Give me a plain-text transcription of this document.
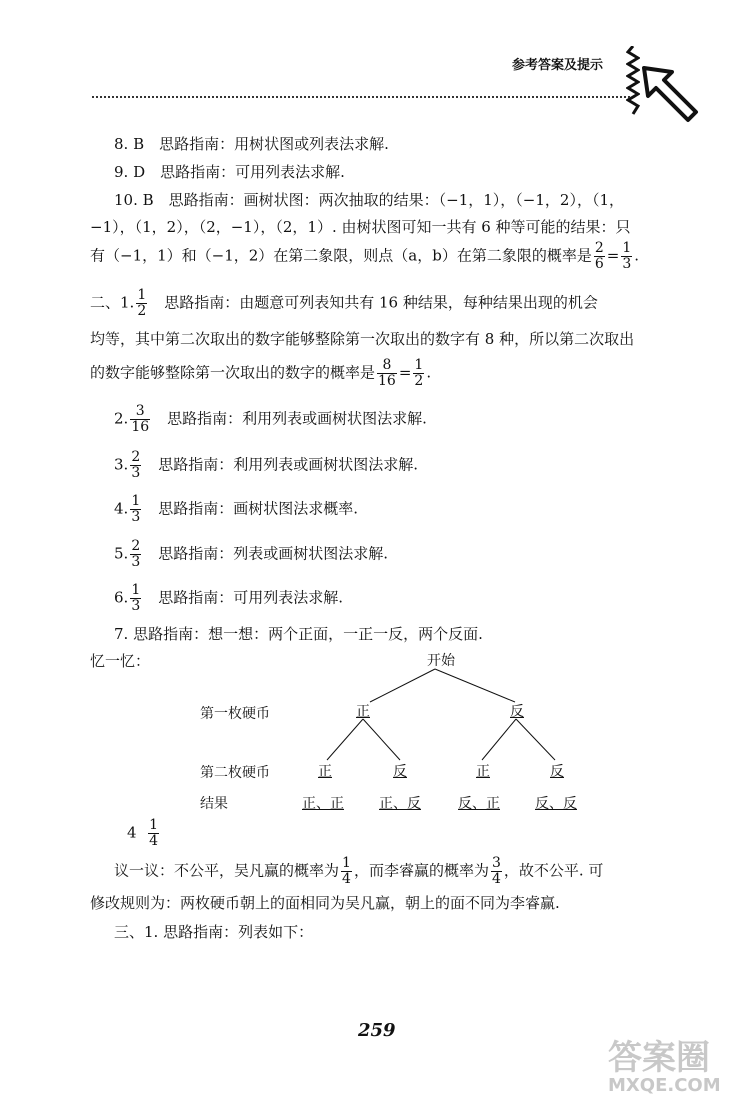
参考答案及提示
8. B　思路指南：用树状图或列表法求解.
9. D　思路指南：可用列表法求解.
10. B　思路指南：画树状图：两次抽取的结果：（−1，1），（−1，2），（1，
−1），（1，2），（2，−1），（2，1）. 由树状图可知一共有 6 种等可能的结果：只
有（−1，1）和（−1，2）在第二象限，则点（a，b）在第二象限的概率是 $\frac{2}{6} = \frac{1}{3}$ .
二、1. $\frac{1}{2}$ 　思路指南：由题意可列表知共有 16 种结果，每种结果出现的机会
均等，其中第二次取出的数字能够整除第一次取出的数字有 8 种，所以第二次取出
的数字能够整除第一次取出的数字的概率是 $\frac{8}{16} = \frac{1}{2}$ .
2. $\frac{3}{16}$ 　思路指南：利用列表或画树状图法求解.
3. $\frac{2}{3}$ 　思路指南：利用列表或画树状图法求解.
4. $\frac{1}{3}$ 　思路指南：画树状图法求概率.
5. $\frac{2}{3}$ 　思路指南：列表或画树状图法求解.
6. $\frac{1}{3}$ 　思路指南：可用列表法求解.
7. 思路指南：想一想：两个正面，一正一反，两个反面.
忆一忆：	开始
第一枚硬币	正	反
第二枚硬币	正	反	正	反
结果	正、正	正、反	反、正	反、反
$4 \frac{1}{4}$
议一议：不公平，吴凡赢的概率为 $\frac{1}{4}$ ，而李睿赢的概率为 $\frac{3}{4}$ ，故不公平. 可
修改规则为：两枚硬币朝上的面相同为吴凡赢，朝上的面不同为李睿赢.
三、1. 思路指南：列表如下：
259
答案圈
MXQE.COM
